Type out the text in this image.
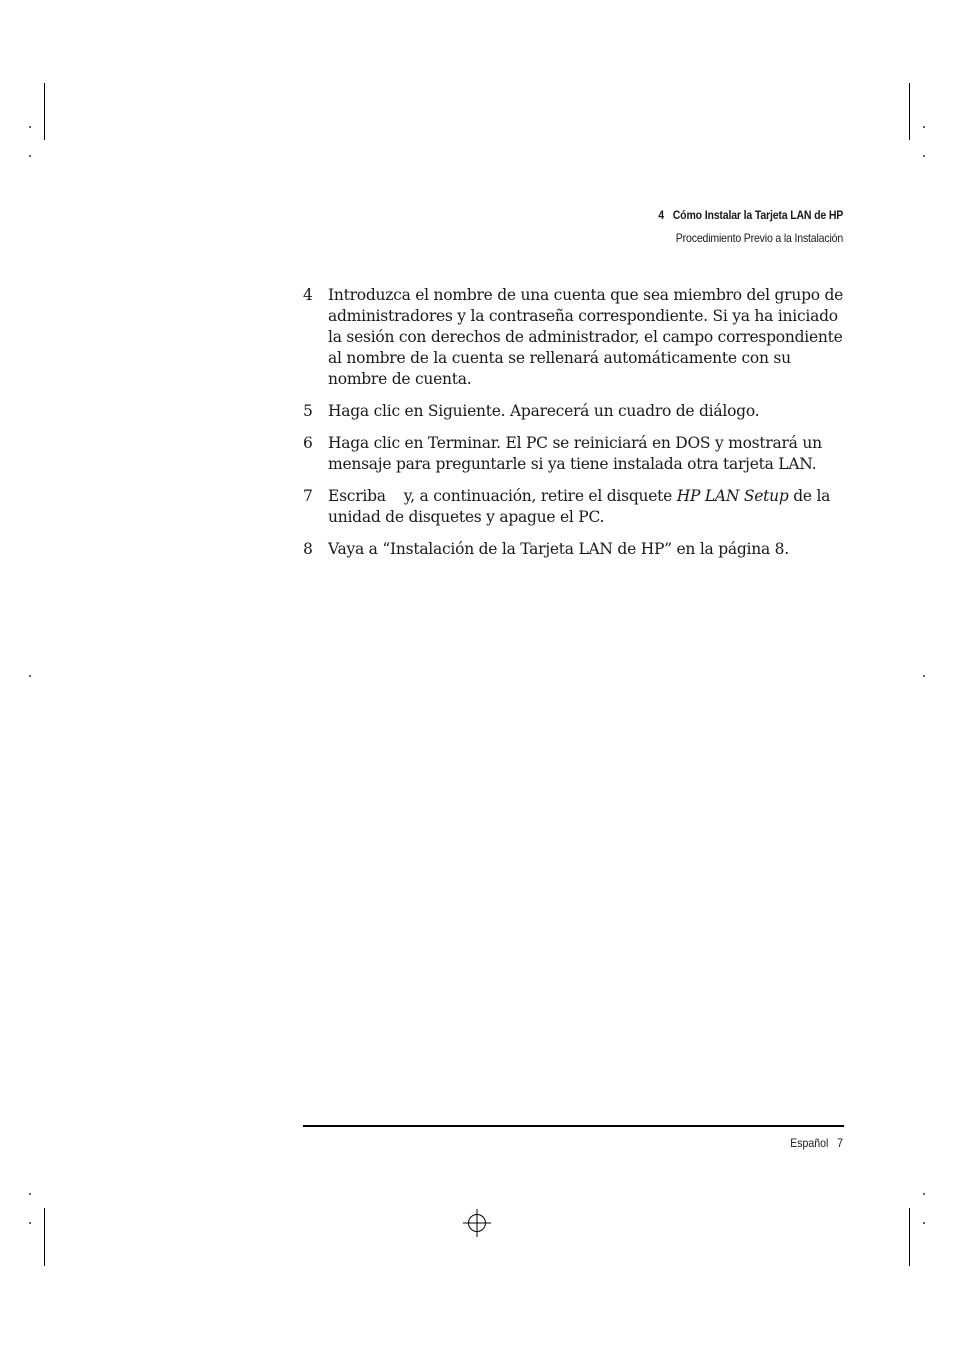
4 Cómo Instalar la Tarjeta LAN de HP
Procedimiento Previo a la Instalación
4 Introduzca el nombre de una cuenta que sea miembro del grupo de administradores y la contraseña correspondiente. Si ya ha iniciado la sesión con derechos de administrador, el campo correspondiente al nombre de la cuenta se rellenará automáticamente con su nombre de cuenta.
5 Haga clic en Siguiente. Aparecerá un cuadro de diálogo.
6 Haga clic en Terminar. El PC se reiniciará en DOS y mostrará un mensaje para preguntarle si ya tiene instalada otra tarjeta LAN.
7 Escriba y, a continuación, retire el disquete HP LAN Setup de la unidad de disquetes y apague el PC.
8 Vaya a “Instalación de la Tarjeta LAN de HP” en la página 8.
Español 7
